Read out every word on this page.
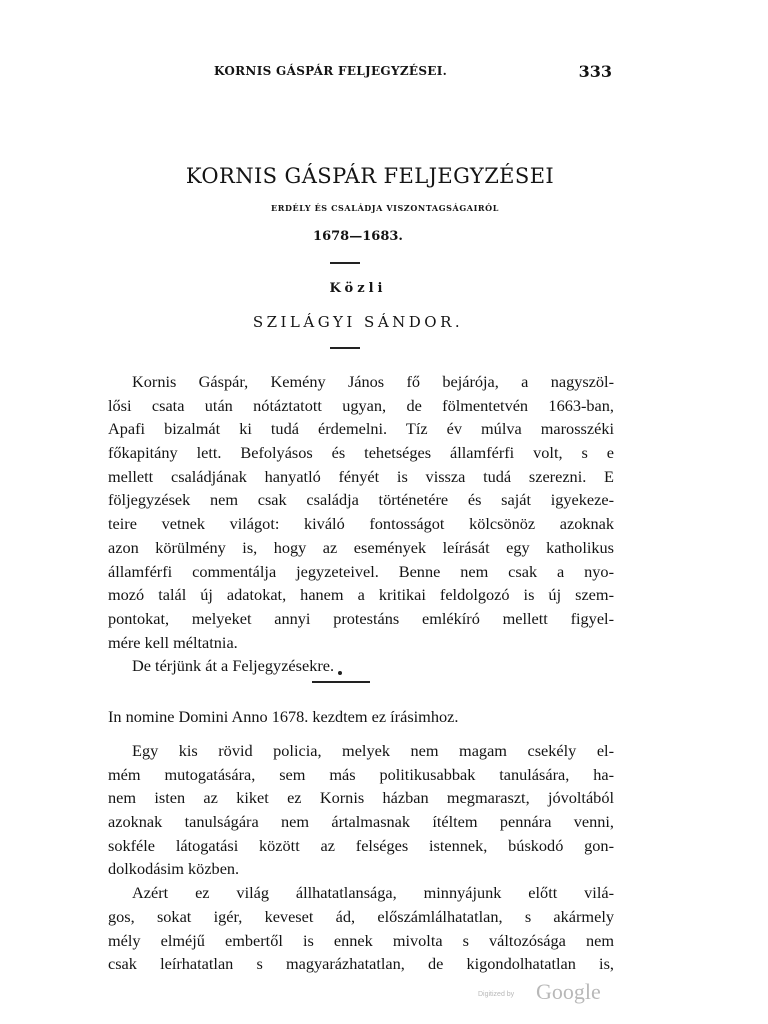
KORNIS GÁSPÁR FELJEGYZÉSEI.	333
KORNIS GÁSPÁR FELJEGYZÉSEI
ERDÉLY ÉS CSALÁDJA VISZONTAGSÁGAIRÓL
1678—1683.
Közli
SZILÁGYI SÁNDOR.
Kornis Gáspár, Kemény János fő bejárója, a nagyszöl-
lősi csata után nótáztatott ugyan, de fölmentetvén 1663-ban,
Apafi bizalmát ki tudá érdemelni. Tíz év múlva marosszéki
főkapitány lett. Befolyásos és tehetséges államférfi volt, s e
mellett családjának hanyatló fényét is vissza tudá szerezni. E
följegyzések nem csak családja történetére és saját igyekeze-
teire vetnek világot: kiváló fontosságot kölcsönöz azoknak
azon körülmény is, hogy az események leírását egy katholikus
államférfi commentálja jegyzeteivel. Benne nem csak a nyo-
mozó talál új adatokat, hanem a kritikai feldolgozó is új szem-
pontokat, melyeket annyi protestáns emlékíró mellett figyel-
mére kell méltatnia.
De térjünk át a Feljegyzésekre.
In nomine Domini Anno 1678. kezdtem ez írásimhoz.
Egy kis rövid policia, melyek nem magam csekély el-
mém mutogatására, sem más politikusabbak tanulására, ha-
nem isten az kiket ez Kornis házban megmaraszt, jóvoltából
azoknak tanulságára nem ártalmasnak ítéltem pennára venni,
sokféle látogatási között az felséges istennek, búskodó gon-
dolkodásim közben.
Azért ez világ állhatatlansága, minnyájunk előtt vilá-
gos, sokat igér, keveset ád, előszámlálhatatlan, s akármely
mély elméjű embertől is ennek mivolta s változósága nem
csak leírhatatlan s magyarázhatatlan, de kigondolhatatlan is,
Digitized by Google
